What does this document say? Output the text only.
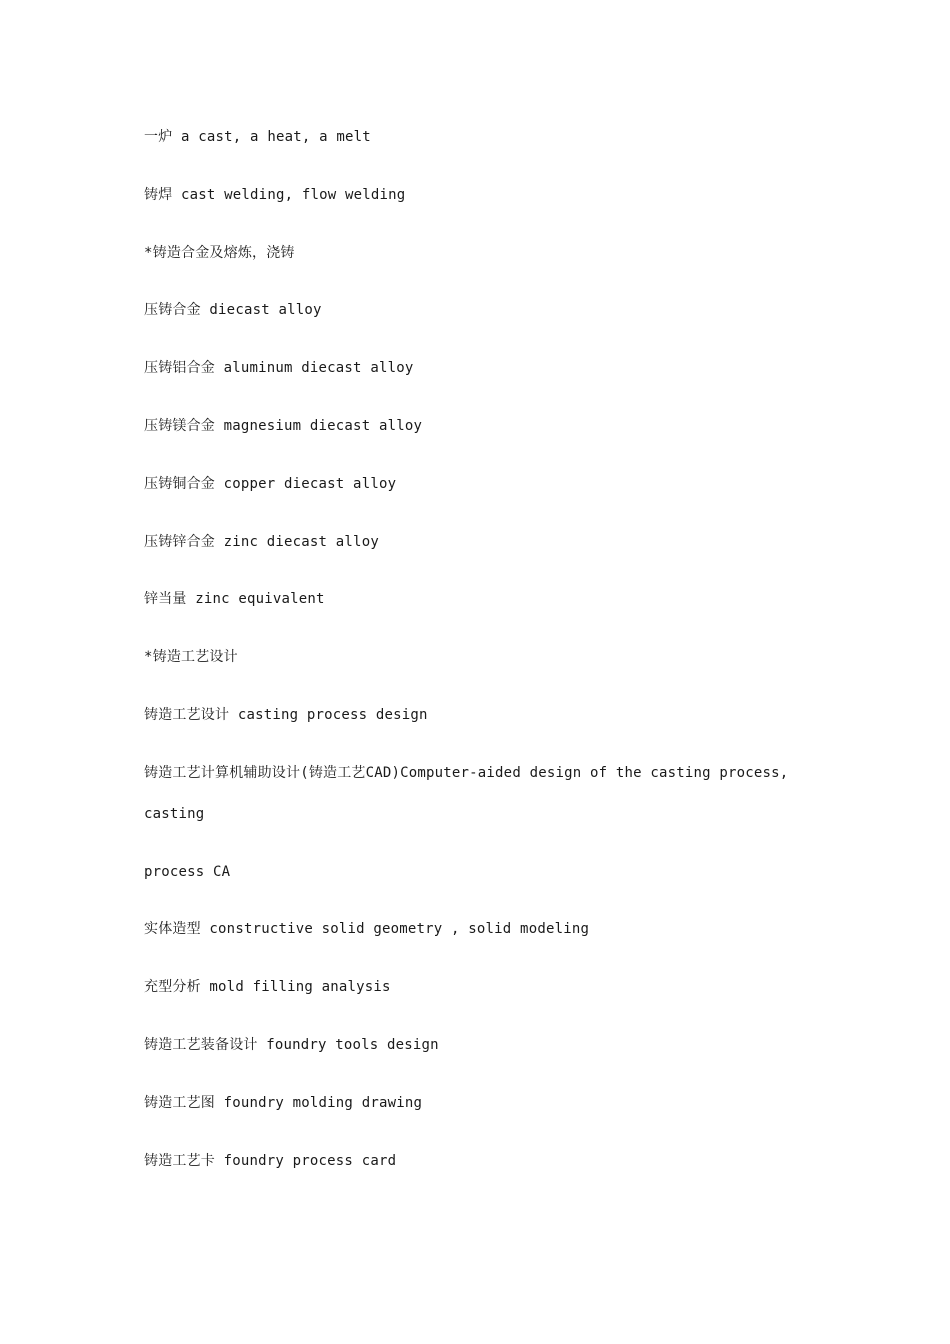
一炉 a cast, a heat, a melt
铸焊 cast welding, flow welding
*铸造合金及熔炼，浇铸
压铸合金 diecast alloy
压铸铝合金 aluminum diecast alloy
压铸镁合金 magnesium diecast alloy
压铸铜合金 copper diecast alloy
压铸锌合金 zinc diecast alloy
锌当量 zinc equivalent
*铸造工艺设计
铸造工艺设计 casting process design
铸造工艺计算机辅助设计(铸造工艺CAD)Computer-aided design of the casting process,
casting
process CA
实体造型 constructive solid geometry , solid modeling
充型分析 mold filling analysis
铸造工艺装备设计 foundry tools design
铸造工艺图 foundry molding drawing
铸造工艺卡 foundry process card
